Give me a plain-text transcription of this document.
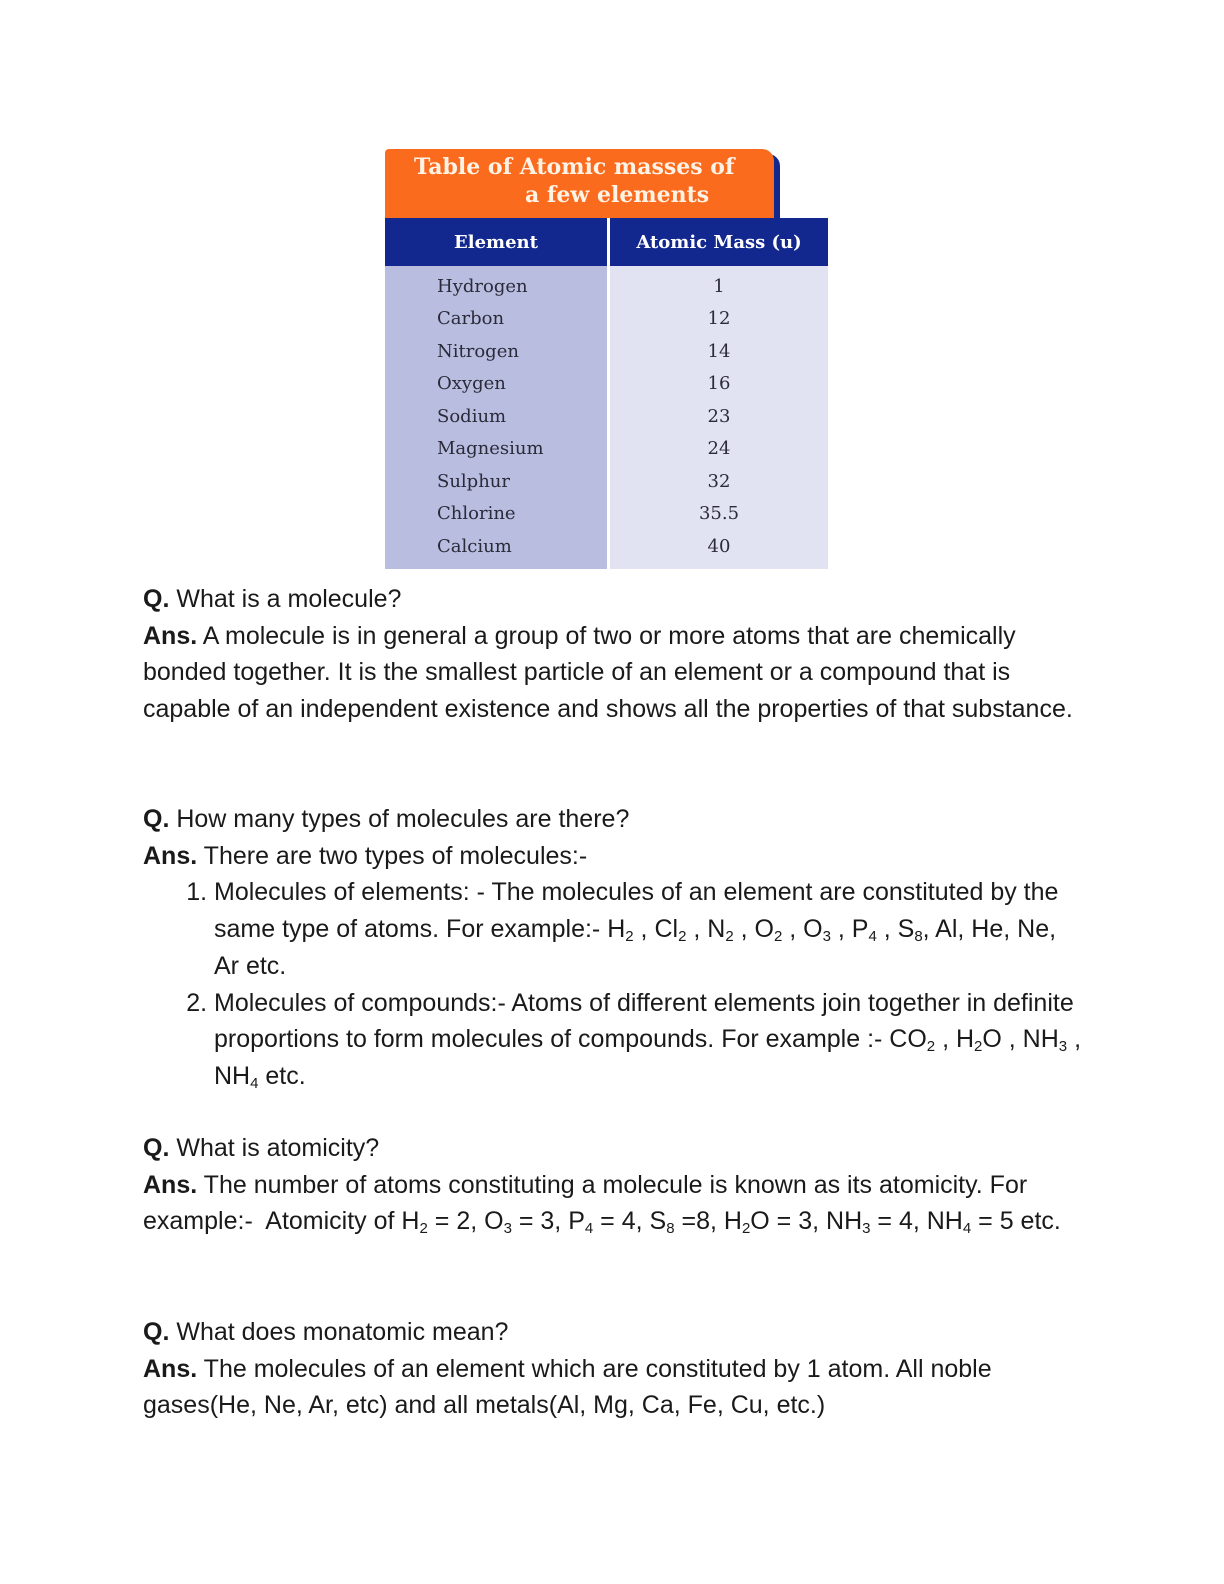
Table of Atomic masses of
a few elements
Element	Atomic Mass (u)
Hydrogen	1
Carbon	12
Nitrogen	14
Oxygen	16
Sodium	23
Magnesium	24
Sulphur	32
Chlorine	35.5
Calcium	40

Q. What is a molecule?

Ans. A molecule is in general a group of two or more atoms that are chemically bonded together. It is the smallest particle of an element or a compound that is capable of an independent existence and shows all the properties of that substance.

Q. How many types of molecules are there?

Ans. There are two types of molecules:-

1. Molecules of elements: - The molecules of an element are constituted by the same type of atoms. For example:- $H_2$ , $Cl_2$ , $N_2$ , $O_2$ , $O_3$ , $P_4$ , $S_8$, Al, He, Ne, Ar etc.
2. Molecules of compounds:- Atoms of different elements join together in definite proportions to form molecules of compounds. For example :- $CO_2$ , $H_2O$ , $NH_3$ , $NH_4$ etc.

Q. What is atomicity?

Ans. The number of atoms constituting a molecule is known as its atomicity. For example:-  Atomicity of $H_2 = 2$, $O_3 = 3$, $P_4 = 4$, $S_8 =8$, $H_2O = 3$, $NH_3 = 4$, $NH_4 = 5$ etc.

Q. What does monatomic mean?

Ans. The molecules of an element which are constituted by 1 atom. All noble gases(He, Ne, Ar, etc) and all metals(Al, Mg, Ca, Fe, Cu, etc.)
